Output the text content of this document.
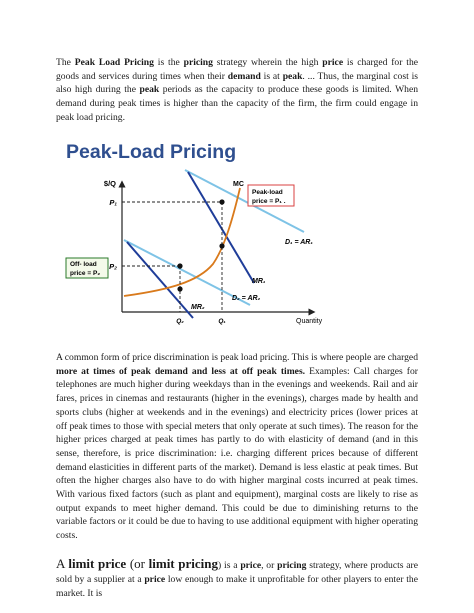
The Peak Load Pricing is the pricing strategy wherein the high price is charged for the goods and services during times when their demand is at peak. ... Thus, the marginal cost is also high during the peak periods as the capacity to produce these goods is limited. When demand during peak times is higher than the capacity of the firm, the firm could engage in peak load pricing.

Peak-Load Pricing
$/Q
Quantity
P₁
P₂
Q₁
Q₂
MC
D₁ = AR₁
D₂ = AR₂
MR₁
MR₂
Peak-load
price = P₁ .
Off- load
price = P₂

A common form of price discrimination is peak load pricing. This is where people are charged more at times of peak demand and less at off peak times. Examples: Call charges for telephones are much higher during weekdays than in the evenings and weekends. Rail and air fares, prices in cinemas and restaurants (higher in the evenings), charges made by health and sports clubs (higher at weekends and in the evenings) and electricity prices (lower prices at off peak times to those with special meters that only operate at such times). The reason for the higher prices charged at peak times has partly to do with elasticity of demand (and in this sense, therefore, is price discrimination: i.e. charging different prices because of different demand elasticities in different parts of the market). Demand is less elastic at peak times. But often the higher charges also have to do with higher marginal costs incurred at peak times. With various fixed factors (such as plant and equipment), marginal costs are likely to rise as output expands to meet higher demand. This could be due to diminishing returns to the variable factors or it could be due to having to use additional equipment with higher operating costs.

A limit price (or limit pricing) is a price, or pricing strategy, where products are sold by a supplier at a price low enough to make it unprofitable for other players to enter the market. It is
